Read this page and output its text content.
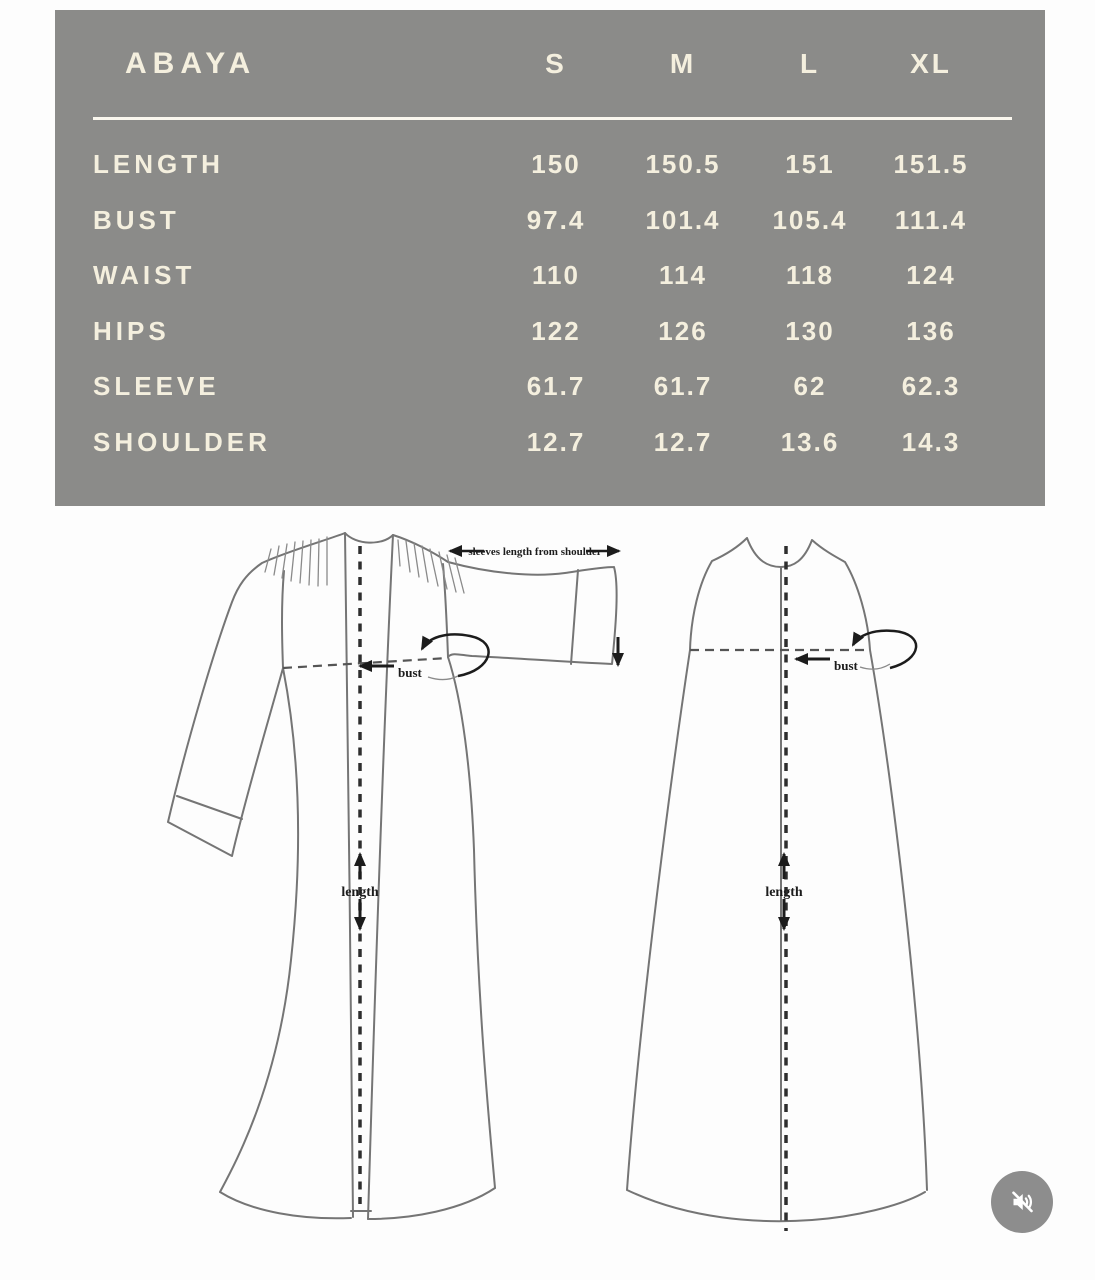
ABAYA	S	M	L	XL
LENGTH	150	150.5	151	151.5
BUST	97.4	101.4	105.4	111.4
WAIST	110	114	118	124
HIPS	122	126	130	136
SLEEVE	61.7	61.7	62	62.3
SHOULDER	12.7	12.7	13.6	14.3
sleeves length from shoulder
bust
length
bust
length
